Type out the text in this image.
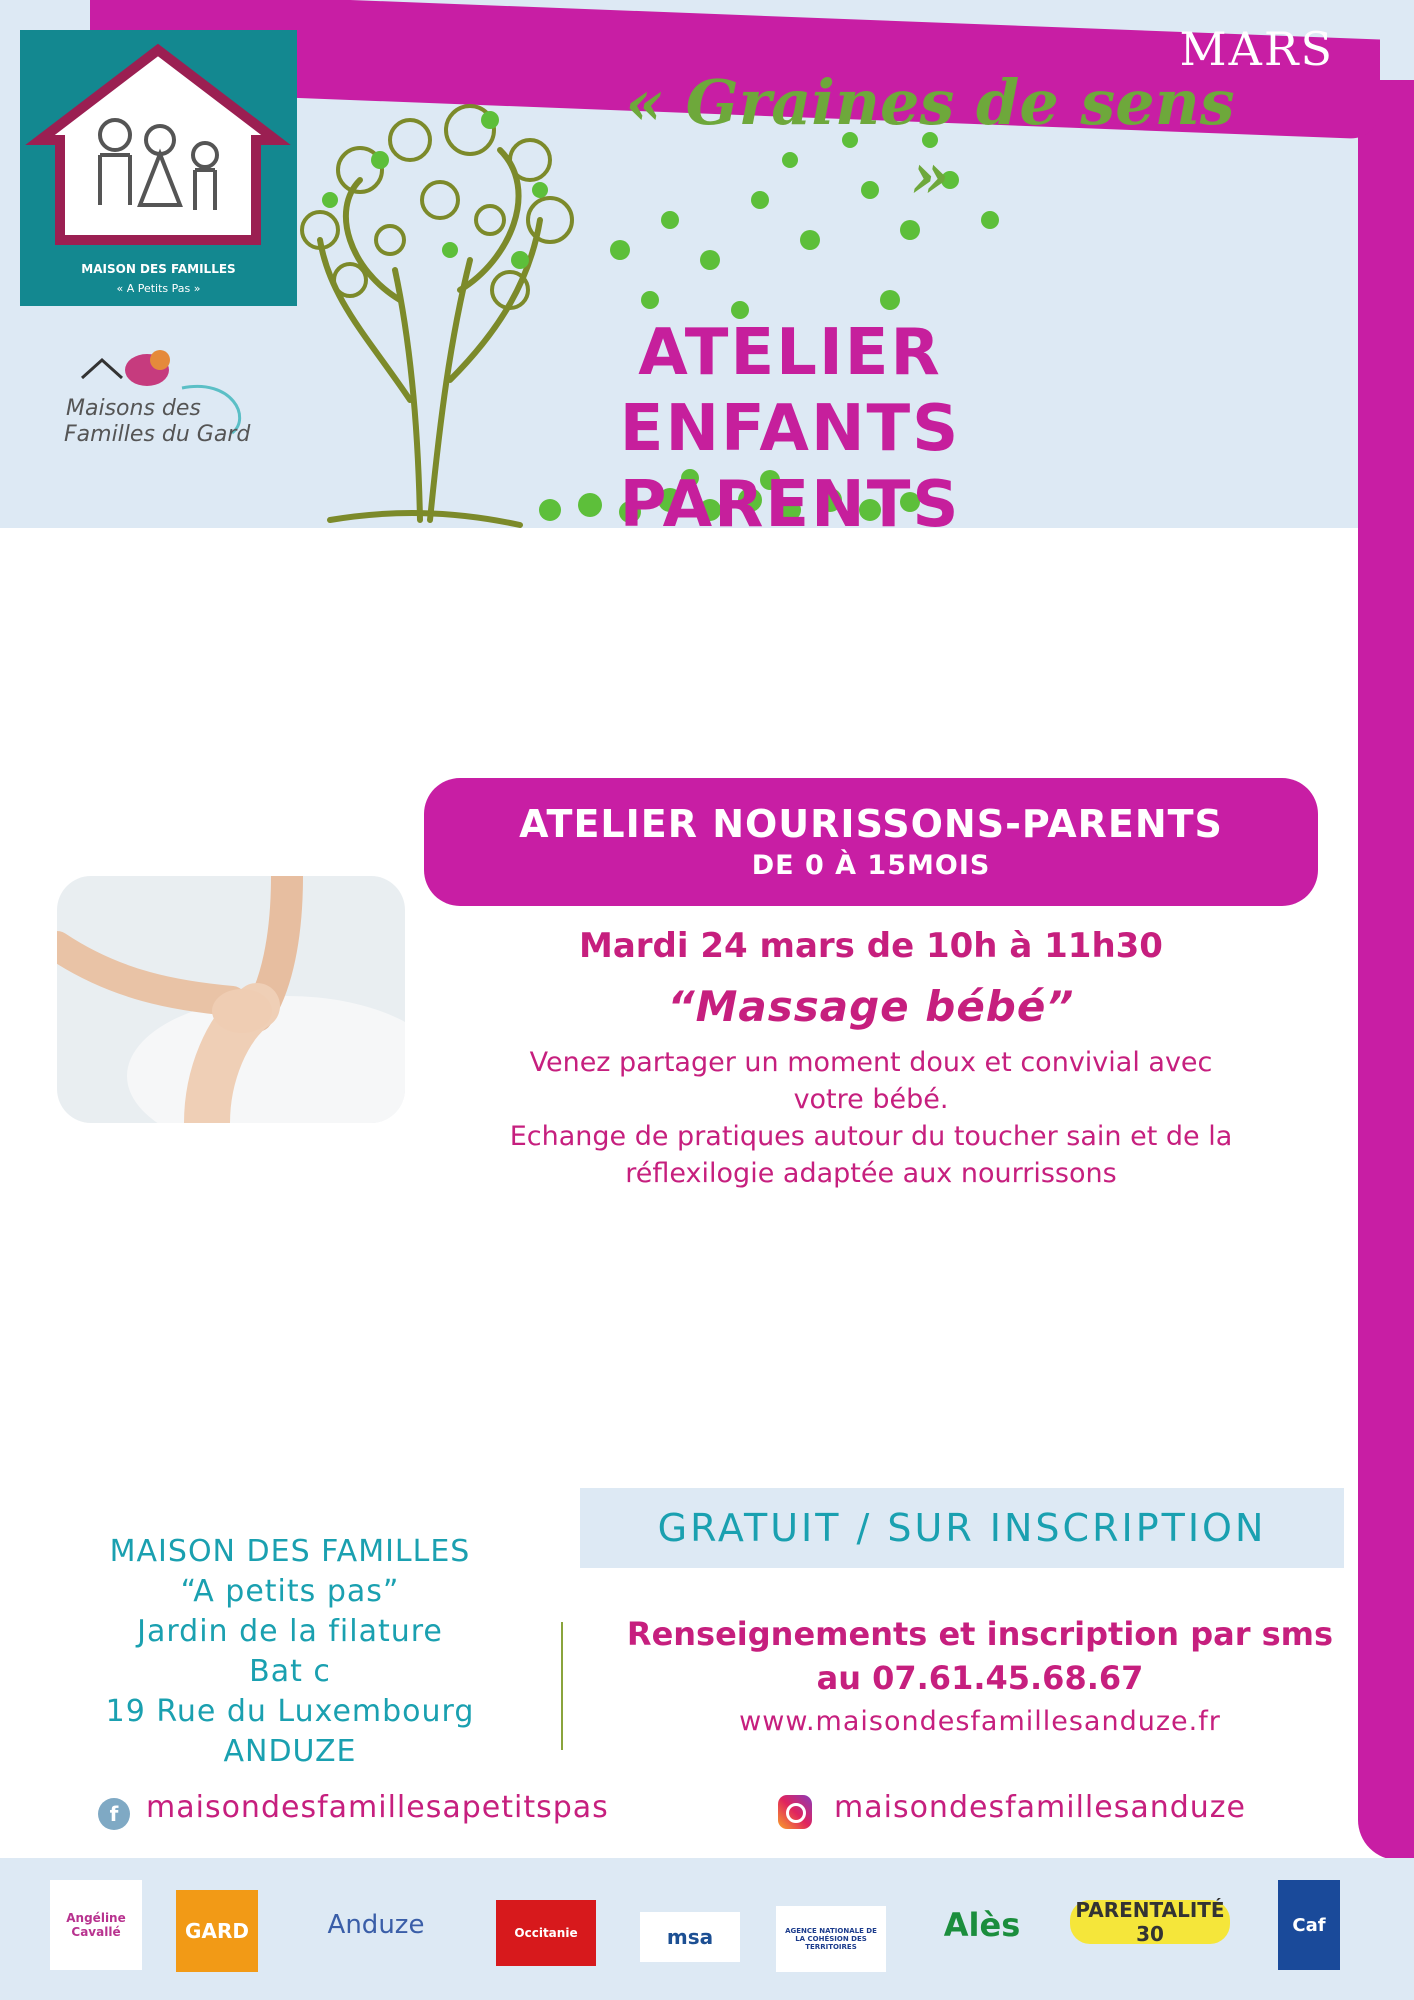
MARS
MAISON DES FAMILLES
« A Petits Pas »
Maisons des
Familles du Gard
« Graines de sens »
ATELIER
ENFANTS PARENTS
ATELIER NOURISSONS-PARENTS
DE 0 À 15MOIS
Mardi 24 mars de 10h à 11h30
“Massage bébé”
Venez partager un moment doux et convivial avec
votre bébé.
Echange de pratiques autour du toucher sain et de la
réflexilogie adaptée aux nourrissons
GRATUIT / SUR INSCRIPTION
MAISON DES FAMILLES
“A petits pas”
Jardin de la filature
Bat c
19 Rue du Luxembourg
ANDUZE
Renseignements et inscription par sms
au 07.61.45.68.67
www.maisondesfamillesanduze.fr
f maisondesfamillesapetitspas	maisondesfamillesanduze
Angéline Cavallé	GARD	Anduze	Occitanie	msa	AGENCE NATIONALE DE LA COHÉSION DES TERRITOIRES
Alès	PARENTALITÉ 30	Caf
